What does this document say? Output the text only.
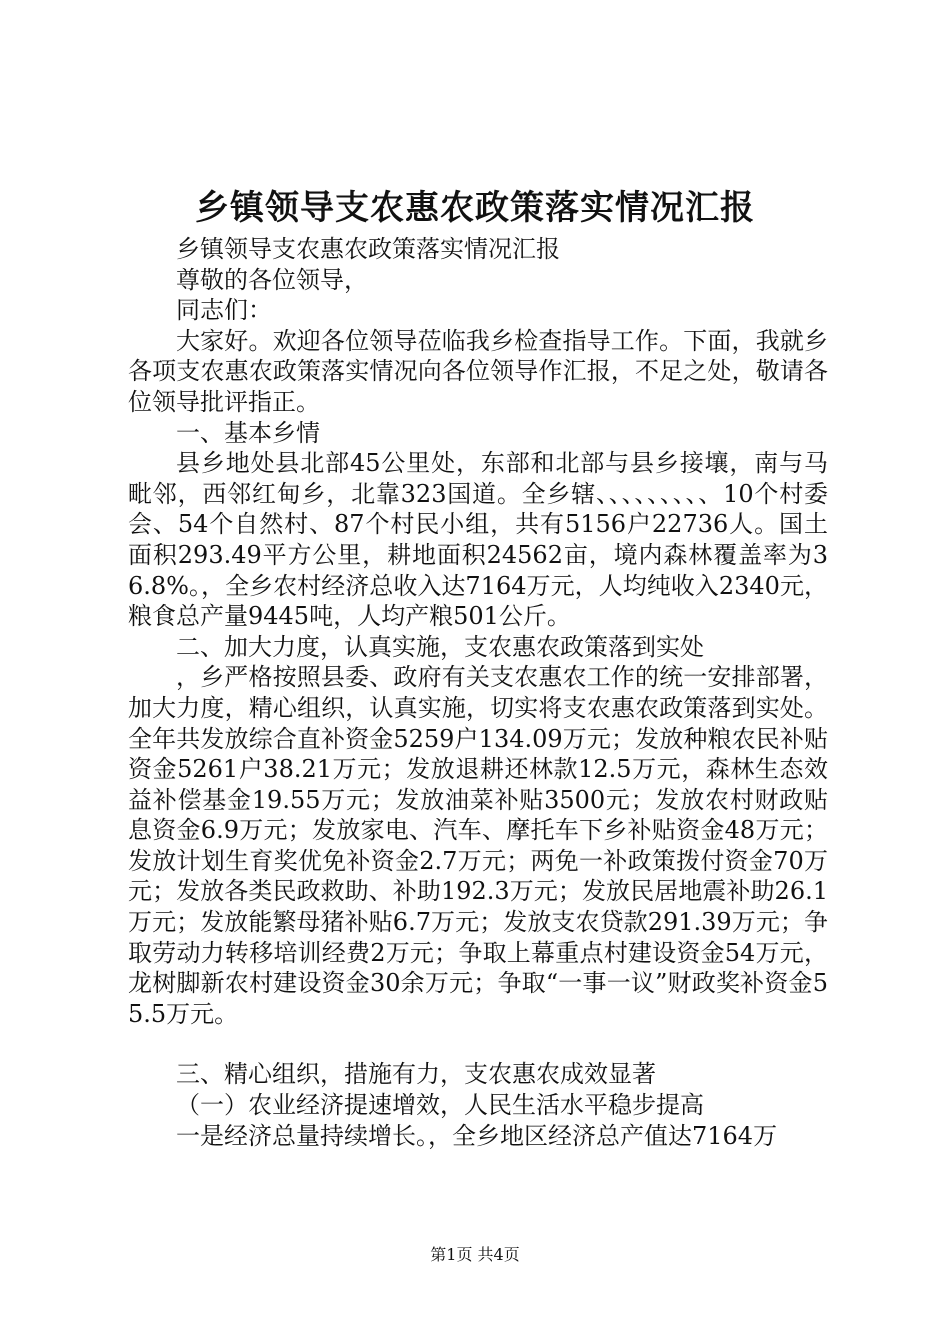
乡镇领导支农惠农政策落实情况汇报

乡镇领导支农惠农政策落实情况汇报

尊敬的各位领导，

同志们：

大家好。欢迎各位领导莅临我乡检查指导工作。下面，我就乡各项支农惠农政策落实情况向各位领导作汇报，不足之处，敬请各位领导批评指正。

一、基本乡情

县乡地处县北部45公里处，东部和北部与县乡接壤，南与马毗邻，西邻红甸乡，北靠323国道。全乡辖、、、、、、、、、10个村委会、54个自然村、87个村民小组，共有5156户22736人。国土面积293.49平方公里，耕地面积24562亩，境内森林覆盖率为36.8%。，全乡农村经济总收入达7164万元，人均纯收入2340元，粮食总产量9445吨，人均产粮501公斤。

二、加大力度，认真实施，支农惠农政策落到实处

，乡严格按照县委、政府有关支农惠农工作的统一安排部署，加大力度，精心组织，认真实施，切实将支农惠农政策落到实处。全年共发放综合直补资金5259户134.09万元；发放种粮农民补贴资金5261户38.21万元；发放退耕还林款12.5万元，森林生态效益补偿基金19.55万元；发放油菜补贴3500元；发放农村财政贴息资金6.9万元；发放家电、汽车、摩托车下乡补贴资金48万元；发放计划生育奖优免补资金2.7万元；两免一补政策拨付资金70万元；发放各类民政救助、补助192.3万元；发放民居地震补助26.1万元；发放能繁母猪补贴6.7万元；发放支农贷款291.39万元；争取劳动力转移培训经费2万元；争取上幕重点村建设资金54万元，龙树脚新农村建设资金30余万元；争取“一事一议”财政奖补资金55.5万元。

三、精心组织，措施有力，支农惠农成效显著

（一）农业经济提速增效，人民生活水平稳步提高

一是经济总量持续增长。，全乡地区经济总产值达7164万

第1页 共4页
